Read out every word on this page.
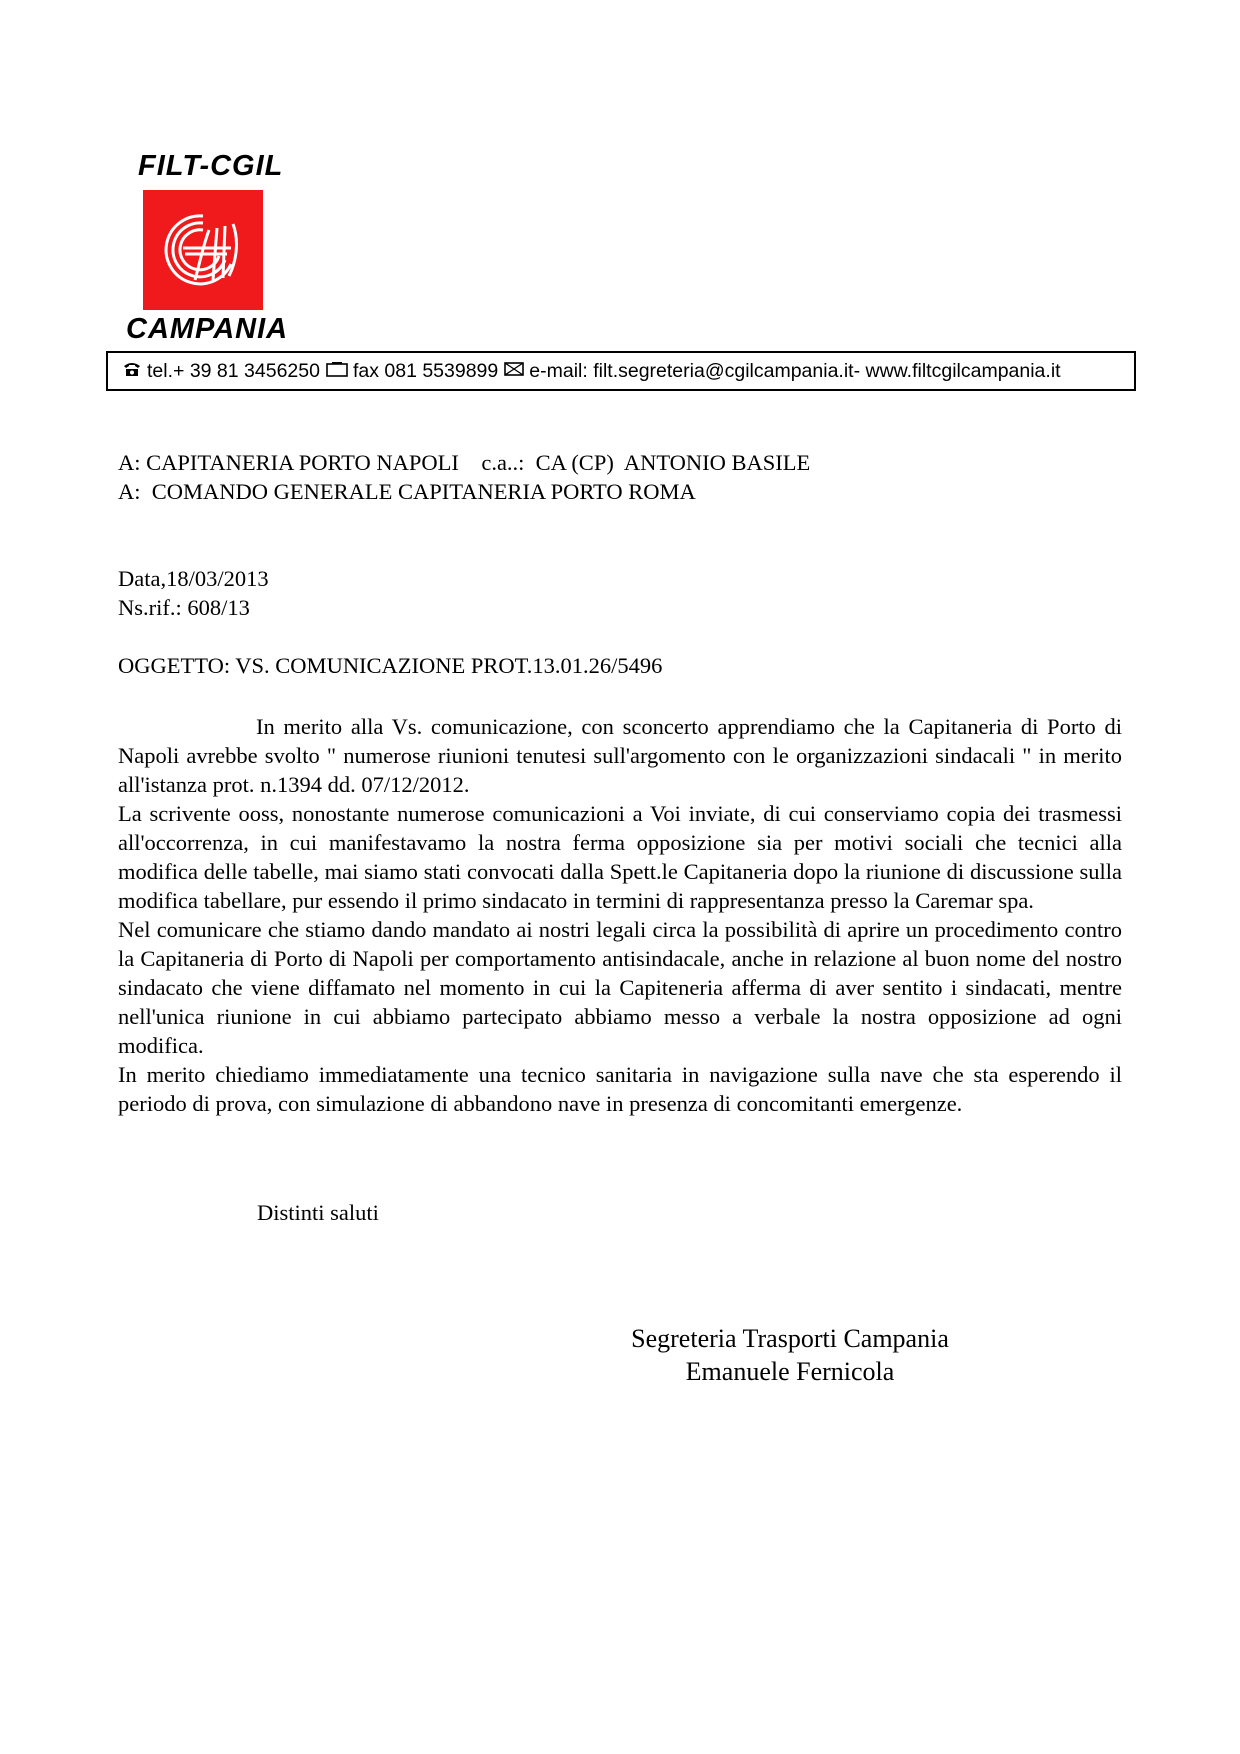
FILT-CGIL
CAMPANIA
tel.+ 39 81 3456250 fax 081 5539899 e-mail: filt.segreteria@cgilcampania.it- www.filtcgilcampania.it
A: CAPITANERIA PORTO NAPOLI    c.a..:  CA (CP)  ANTONIO BASILE
A:  COMANDO GENERALE CAPITANERIA PORTO ROMA
Data,18/03/2013
Ns.rif.: 608/13
OGGETTO: VS. COMUNICAZIONE PROT.13.01.26/5496

In merito alla Vs. comunicazione, con sconcerto apprendiamo che la Capitaneria di Porto di Napoli avrebbe svolto " numerose riunioni tenutesi sull'argomento con le organizzazioni sindacali " in merito all'istanza prot. n.1394 dd. 07/12/2012.

La scrivente ooss, nonostante numerose comunicazioni a Voi inviate, di cui conserviamo copia dei trasmessi all'occorrenza, in cui manifestavamo la nostra ferma opposizione sia per motivi sociali che tecnici alla modifica delle tabelle, mai siamo stati convocati dalla Spett.le Capitaneria dopo la riunione di discussione sulla modifica tabellare, pur essendo il primo sindacato in termini di rappresentanza presso la Caremar spa.

Nel comunicare che stiamo dando mandato ai nostri legali circa la possibilità di aprire un procedimento contro la Capitaneria di Porto di Napoli per comportamento antisindacale, anche in relazione al buon nome del nostro sindacato che viene diffamato nel momento in cui la Capiteneria afferma di aver sentito i sindacati, mentre nell'unica riunione in cui abbiamo partecipato abbiamo messo a verbale la nostra opposizione ad ogni modifica.

In merito chiediamo immediatamente una tecnico sanitaria in navigazione sulla nave che sta esperendo il periodo di prova, con simulazione di abbandono nave in presenza di concomitanti emergenze.

Distinti saluti
Segreteria Trasporti Campania
Emanuele Fernicola
